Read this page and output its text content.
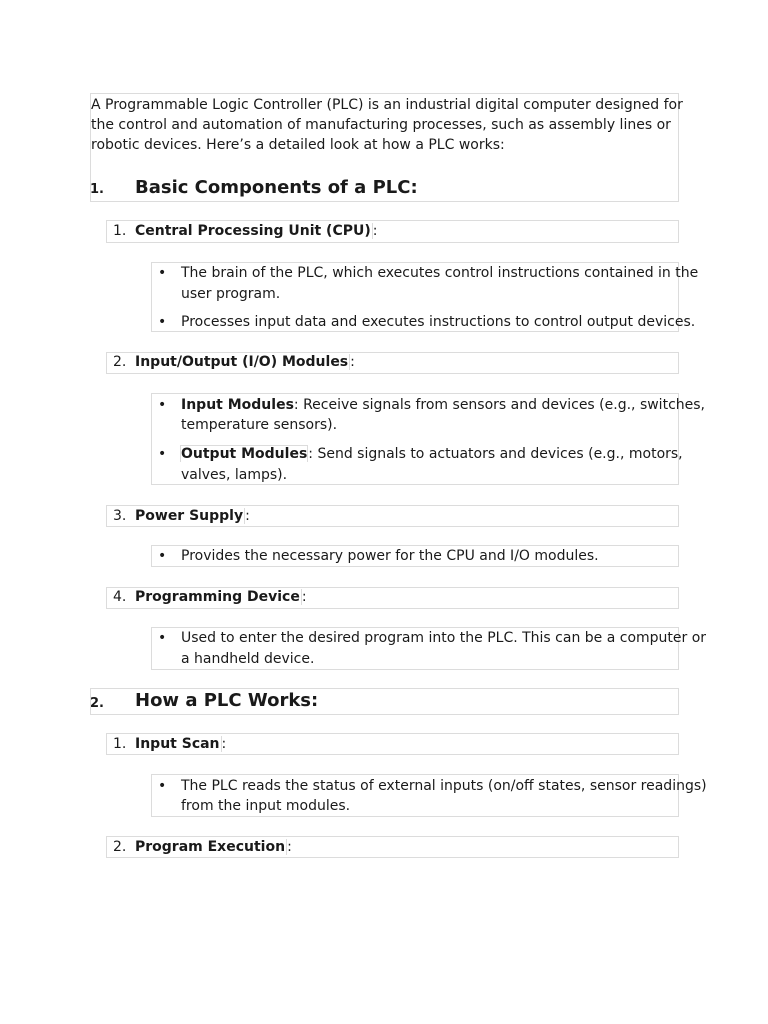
A Programmable Logic Controller (PLC) is an industrial digital computer designed for
the control and automation of manufacturing processes, such as assembly lines or
robotic devices. Here’s a detailed look at how a PLC works:
1. Basic Components of a PLC:
1. Central Processing Unit (CPU) :
• The brain of the PLC, which executes control instructions contained in the
user program.
• Processes input data and executes instructions to control output devices.
2. Input/Output (I/O) Modules :
• Input Modules: Receive signals from sensors and devices (e.g., switches,
temperature sensors).
• Output Modules: Send signals to actuators and devices (e.g., motors,
valves, lamps).
3. Power Supply :
• Provides the necessary power for the CPU and I/O modules.
4. Programming Device :
• Used to enter the desired program into the PLC. This can be a computer or
a handheld device.
2. How a PLC Works:
1. Input Scan :
• The PLC reads the status of external inputs (on/off states, sensor readings)
from the input modules.
2. Program Execution :
